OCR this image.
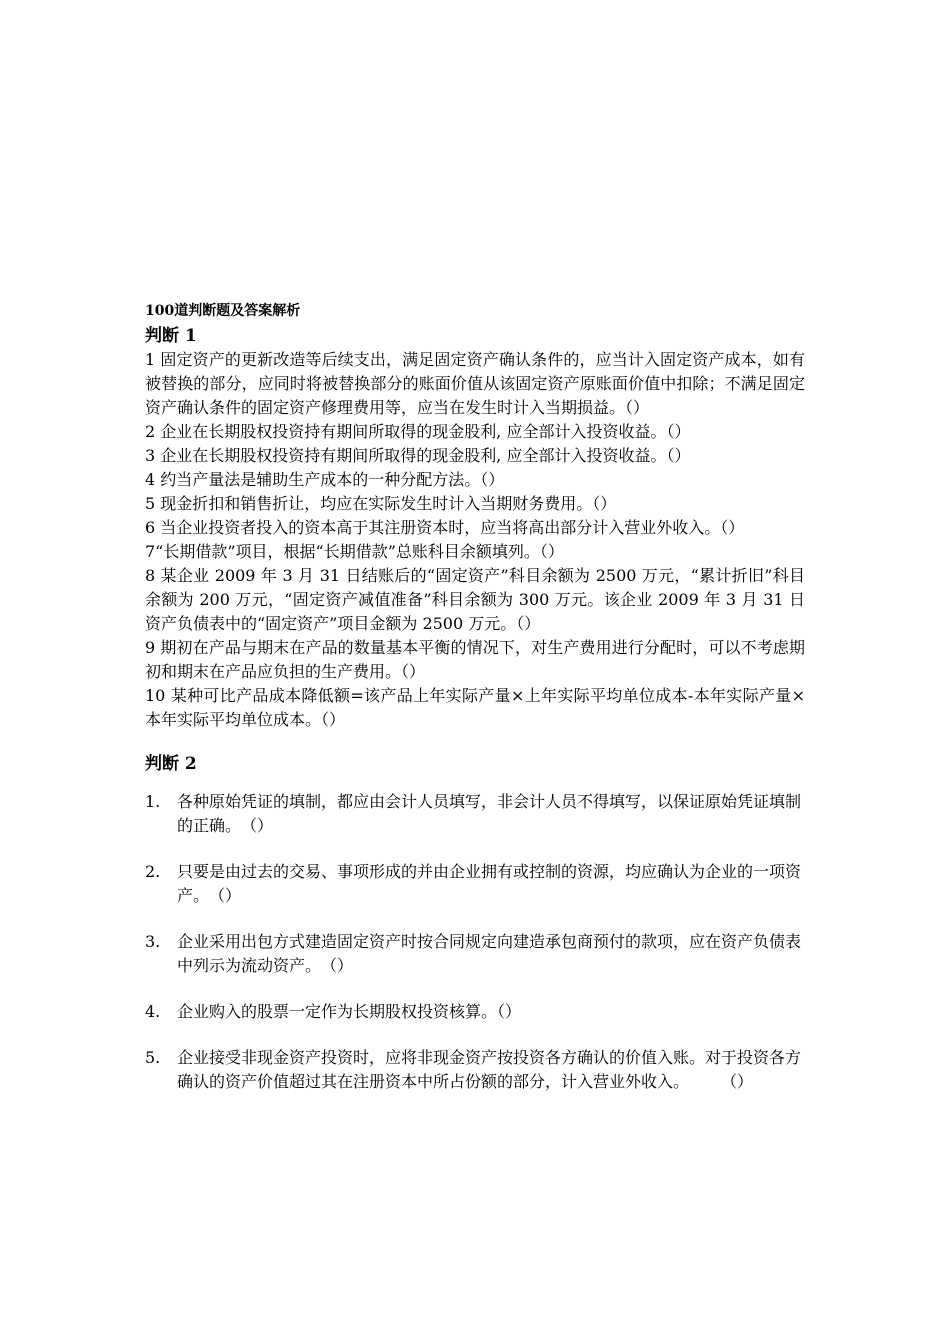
100道判断题及答案解析
判断 1

1 固定资产的更新改造等后续支出，满足固定资产确认条件的，应当计入固定资产成本，如有被替换的部分，应同时将被替换部分的账面价值从该固定资产原账面价值中扣除；不满足固定资产确认条件的固定资产修理费用等，应当在发生时计入当期损益。（）

2 企业在长期股权投资持有期间所取得的现金股利, 应全部计入投资收益。（）

3 企业在长期股权投资持有期间所取得的现金股利, 应全部计入投资收益。（）

4 约当产量法是辅助生产成本的一种分配方法。（）

5 现金折扣和销售折让，均应在实际发生时计入当期财务费用。（）

6 当企业投资者投入的资本高于其注册资本时，应当将高出部分计入营业外收入。（）

7“长期借款”项目，根据“长期借款”总账科目余额填列。（）

8 某企业 2009 年 3 月 31 日结账后的“固定资产”科目余额为 2500 万元，“累计折旧”科目余额为 200 万元，“固定资产减值准备”科目余额为 300 万元。该企业 2009 年 3 月 31 日资产负债表中的“固定资产”项目金额为 2500 万元。（）

9 期初在产品与期末在产品的数量基本平衡的情况下，对生产费用进行分配时，可以不考虑期初和期末在产品应负担的生产费用。（）

10 某种可比产品成本降低额=该产品上年实际产量×上年实际平均单位成本-本年实际产量×本年实际平均单位成本。（）

判断 2
1.	各种原始凭证的填制，都应由会计人员填写，非会计人员不得填写，以保证原始凭证填制的正确。　（）
2.	只要是由过去的交易、事项形成的并由企业拥有或控制的资源，均应确认为企业的一项资产。　（）
3.	企业采用出包方式建造固定资产时按合同规定向建造承包商预付的款项，应在资产负债表中列示为流动资产。　（）
4.	企业购入的股票一定作为长期股权投资核算。（）
5.	企业接受非现金资产投资时，应将非现金资产按投资各方确认的价值入账。对于投资各方确认的资产价值超过其在注册资本中所占份额的部分，计入营业外收入。　　　（）
